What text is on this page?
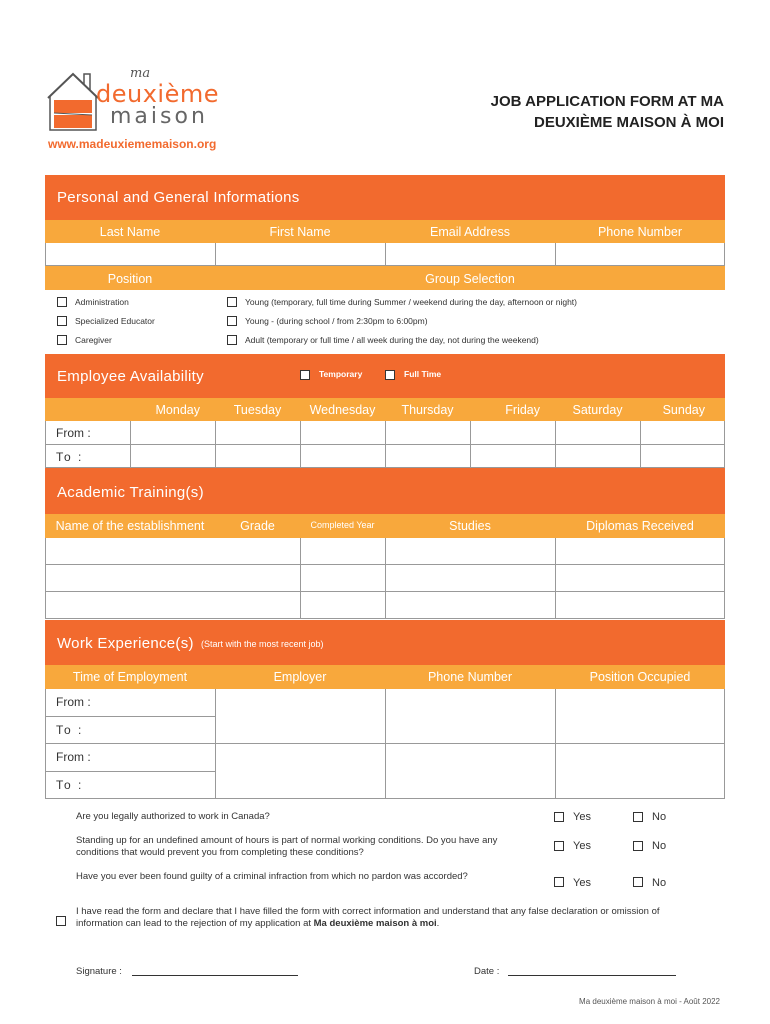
ma
deuxième
maison
www.madeuxiememaison.org
JOB APPLICATION FORM AT MA
DEUXIÈME MAISON À MOI
Personal and General Informations
Last Name	First Name	Email Address	Phone Number
Position	Group Selection
Administration
Specialized Educator
Caregiver
Young (temporary, full time during Summer / weekend during the day, afternoon or night)
Young - (during school / from 2:30pm to 6:00pm)
Adult (temporary or full time / all week during the day, not during the weekend)
Employee Availability	Temporary	Full Time
Monday	Tuesday	Wednesday	Thursday	Friday	Saturday	Sunday
From :
To :
Academic Training(s)
Name of the establishment	Grade	Completed Year	Studies	Diplomas Received
Work Experience(s) (Start with the most recent job)
Time of Employment	Employer	Phone Number	Position Occupied
From :
To :
From :
To :
Are you legally authorized to work in Canada?	Yes	No
Standing up for an undefined amount of hours is part of normal working conditions. Do you have any conditions that would prevent you from completing these conditions?
Yes	No
Have you ever been found guilty of a criminal infraction from which no pardon was accorded?
Yes	No
I have read the form and declare that I have filled the form with correct information and understand that any false declaration or omission of information can lead to the rejection of my application at Ma deuxième maison à moi.
Signature :	Date :
Ma deuxième maison à moi - Août 2022
